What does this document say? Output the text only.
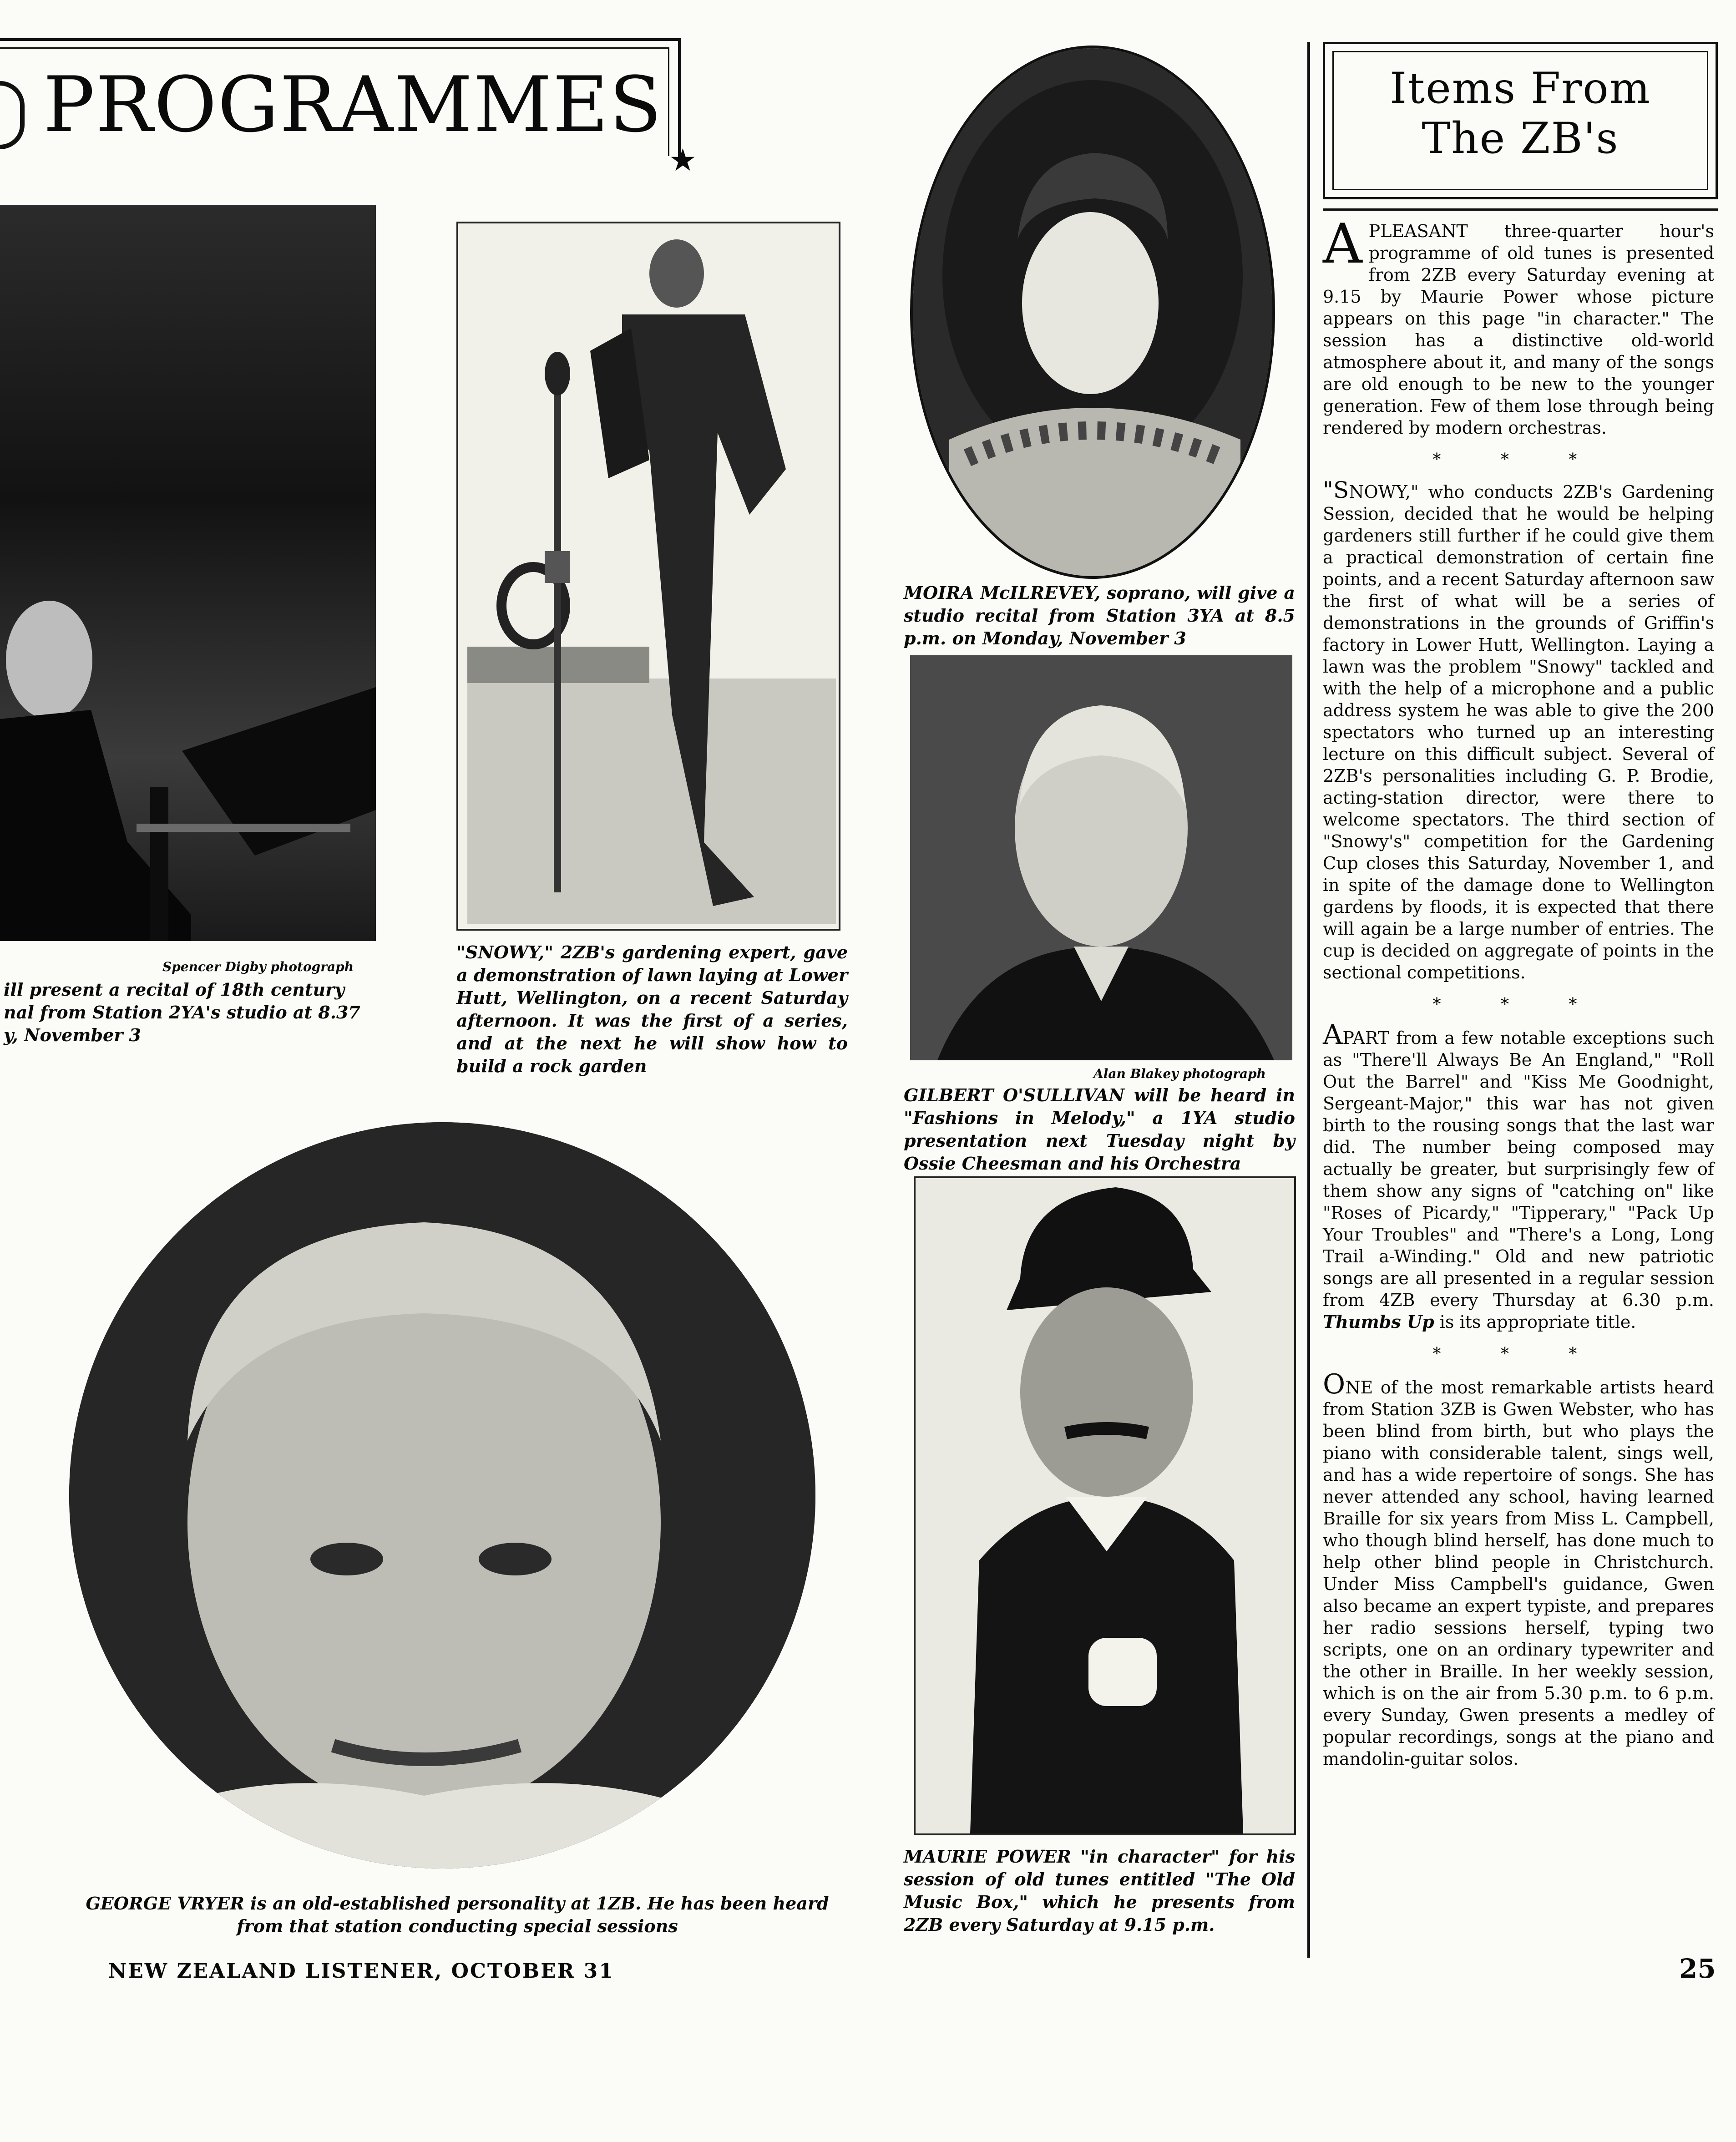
PROGRAMMES
★
Spencer Digby photograph
ill present a recital of 18th century
nal from Station 2YA's studio at 8.37
y, November 3
"SNOWY," 2ZB's gardening expert, gave a demonstration of lawn laying at Lower Hutt, Wellington, on a recent Saturday afternoon. It was the first of a series, and at the next he will show how to build a rock garden
MOIRA McILREVEY, soprano, will give a studio recital from Station 3YA at 8.5 p.m. on Monday, November 3
Alan Blakey photograph
GILBERT O'SULLIVAN will be heard in "Fashions in Melody," a 1YA studio presentation next Tuesday night by Ossie Cheesman and his Orchestra
GEORGE VRYER is an old-established personality at 1ZB. He has been heard from that station conducting special sessions
MAURIE POWER "in character" for his session of old tunes entitled "The Old Music Box," which he presents from 2ZB every Saturday at 9.15 p.m.
Items From
The ZB's

APLEASANT three-quarter hour's programme of old tunes is presented from 2ZB every Saturday evening at 9.15 by Maurie Power whose picture appears on this page "in character." The session has a distinctive old-world atmosphere about it, and many of the songs are old enough to be new to the younger generation. Few of them lose through being rendered by modern orchestras.

* * *

"SNOWY," who conducts 2ZB's Gardening Session, decided that he would be helping gardeners still further if he could give them a practical demonstration of certain fine points, and a recent Saturday afternoon saw the first of what will be a series of demonstrations in the grounds of Griffin's factory in Lower Hutt, Wellington. Laying a lawn was the problem "Snowy" tackled and with the help of a microphone and a public address system he was able to give the 200 spectators who turned up an interesting lecture on this difficult subject. Several of 2ZB's personalities including G. P. Brodie, acting-station director, were there to welcome spectators. The third section of "Snowy's" competition for the Gardening Cup closes this Saturday, November 1, and in spite of the damage done to Wellington gardens by floods, it is expected that there will again be a large number of entries. The cup is decided on aggregate of points in the sectional competitions.

* * *

APART from a few notable exceptions such as "There'll Always Be An England," "Roll Out the Barrel" and "Kiss Me Goodnight, Sergeant-Major," this war has not given birth to the rousing songs that the last war did. The number being composed may actually be greater, but surprisingly few of them show any signs of "catching on" like "Roses of Picardy," "Tipperary," "Pack Up Your Troubles" and "There's a Long, Long Trail a-Winding." Old and new patriotic songs are all presented in a regular session from 4ZB every Thursday at 6.30 p.m. Thumbs Up is its appropriate title.

* * *

ONE of the most remarkable artists heard from Station 3ZB is Gwen Webster, who has been blind from birth, but who plays the piano with considerable talent, sings well, and has a wide repertoire of songs. She has never attended any school, having learned Braille for six years from Miss L. Campbell, who though blind herself, has done much to help other blind people in Christchurch. Under Miss Campbell's guidance, Gwen also became an expert typiste, and prepares her radio sessions herself, typing two scripts, one on an ordinary typewriter and the other in Braille. In her weekly session, which is on the air from 5.30 p.m. to 6 p.m. every Sunday, Gwen presents a medley of popular recordings, songs at the piano and mandolin-guitar solos.

NEW ZEALAND LISTENER, OCTOBER 31	25
